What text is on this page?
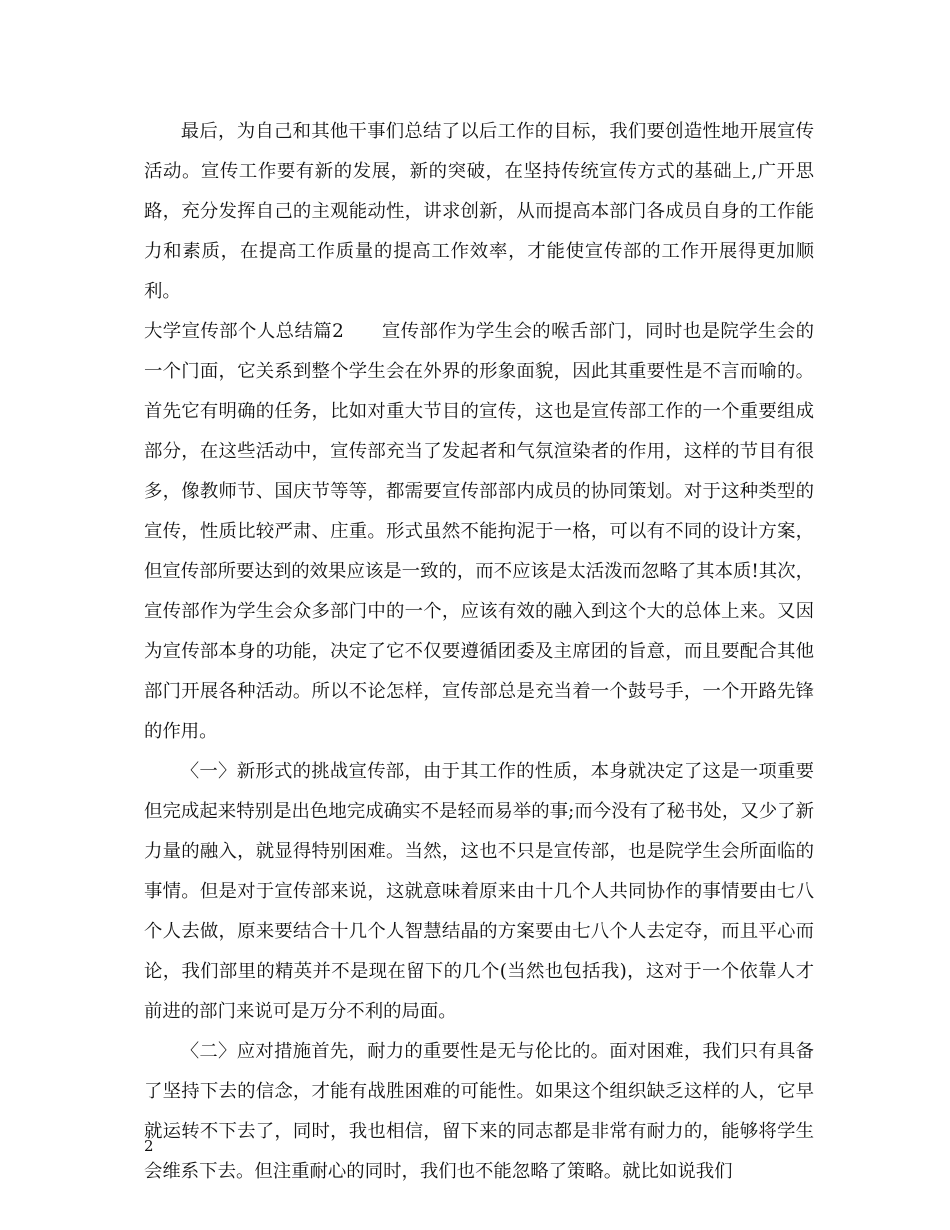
最后，为自己和其他干事们总结了以后工作的目标，我们要创造性地开展宣传活动。宣传工作要有新的发展，新的突破，在坚持传统宣传方式的基础上,广开思路，充分发挥自己的主观能动性，讲求创新，从而提高本部门各成员自身的工作能力和素质，在提高工作质量的提高工作效率，才能使宣传部的工作开展得更加顺利。

大学宣传部个人总结篇2　　宣传部作为学生会的喉舌部门，同时也是院学生会的一个门面，它关系到整个学生会在外界的形象面貌，因此其重要性是不言而喻的。首先它有明确的任务，比如对重大节目的宣传，这也是宣传部工作的一个重要组成部分，在这些活动中，宣传部充当了发起者和气氛渲染者的作用，这样的节目有很多，像教师节、国庆节等等，都需要宣传部部内成员的协同策划。对于这种类型的宣传，性质比较严肃、庄重。形式虽然不能拘泥于一格，可以有不同的设计方案，但宣传部所要达到的效果应该是一致的，而不应该是太活泼而忽略了其本质!其次，宣传部作为学生会众多部门中的一个，应该有效的融入到这个大的总体上来。又因为宣传部本身的功能，决定了它不仅要遵循团委及主席团的旨意，而且要配合其他部门开展各种活动。所以不论怎样，宣传部总是充当着一个鼓号手，一个开路先锋的作用。

〈一〉新形式的挑战宣传部，由于其工作的性质，本身就决定了这是一项重要但完成起来特别是出色地完成确实不是轻而易举的事;而今没有了秘书处，又少了新力量的融入，就显得特别困难。当然，这也不只是宣传部，也是院学生会所面临的事情。但是对于宣传部来说，这就意味着原来由十几个人共同协作的事情要由七八个人去做，原来要结合十几个人智慧结晶的方案要由七八个人去定夺，而且平心而论，我们部里的精英并不是现在留下的几个(当然也包括我)，这对于一个依靠人才前进的部门来说可是万分不利的局面。

〈二〉应对措施首先，耐力的重要性是无与伦比的。面对困难，我们只有具备了坚持下去的信念，才能有战胜困难的可能性。如果这个组织缺乏这样的人，它早就运转不下去了，同时，我也相信，留下来的同志都是非常有耐力的，能够将学生会维系下去。但注重耐心的同时，我们也不能忽略了策略。就比如说我们

2
